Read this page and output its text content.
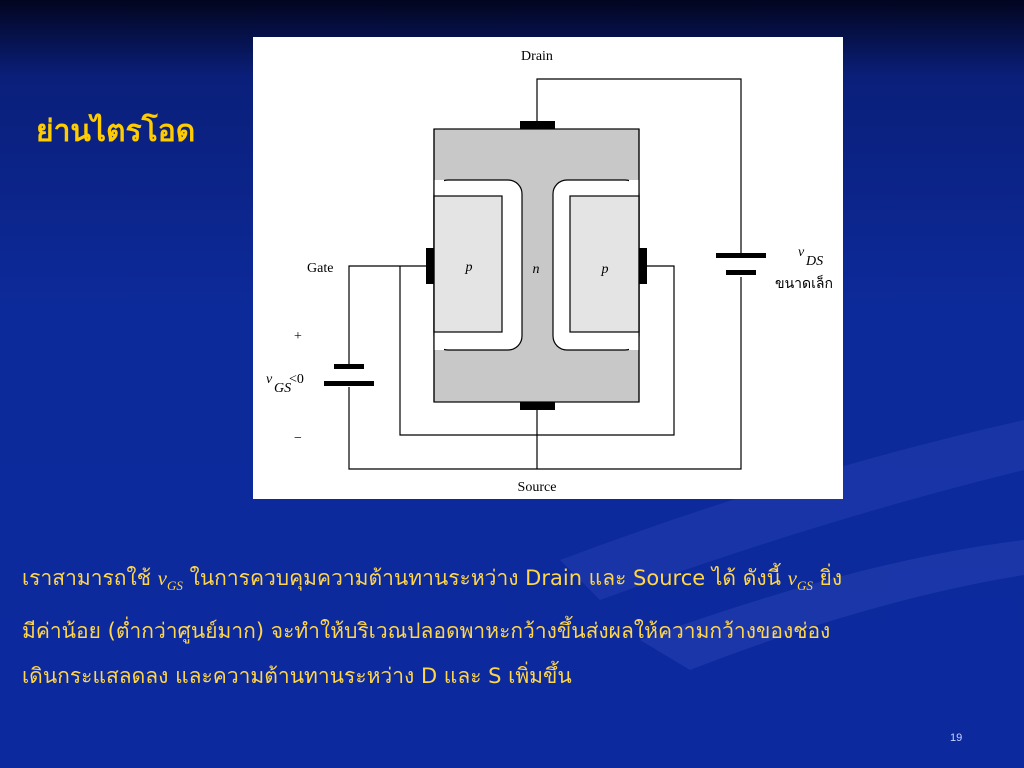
ย่านไตรโอด
Drain
Source
Gate	n
p	p
v
DS
ขนาดเล็ก
v
GS
<0
+
−
เราสามารถใช้ $v_{GS}$ ในการควบคุมความต้านทานระหว่าง Drain และ Source ได้ ดังนี้ $v_{GS}$ ยิ่ง
มีค่าน้อย (ต่ำกว่าศูนย์มาก) จะทำให้บริเวณปลอดพาหะกว้างขึ้นส่งผลให้ความกว้างของช่อง
เดินกระแสลดลง และความต้านทานระหว่าง D และ S เพิ่มขึ้น
19
